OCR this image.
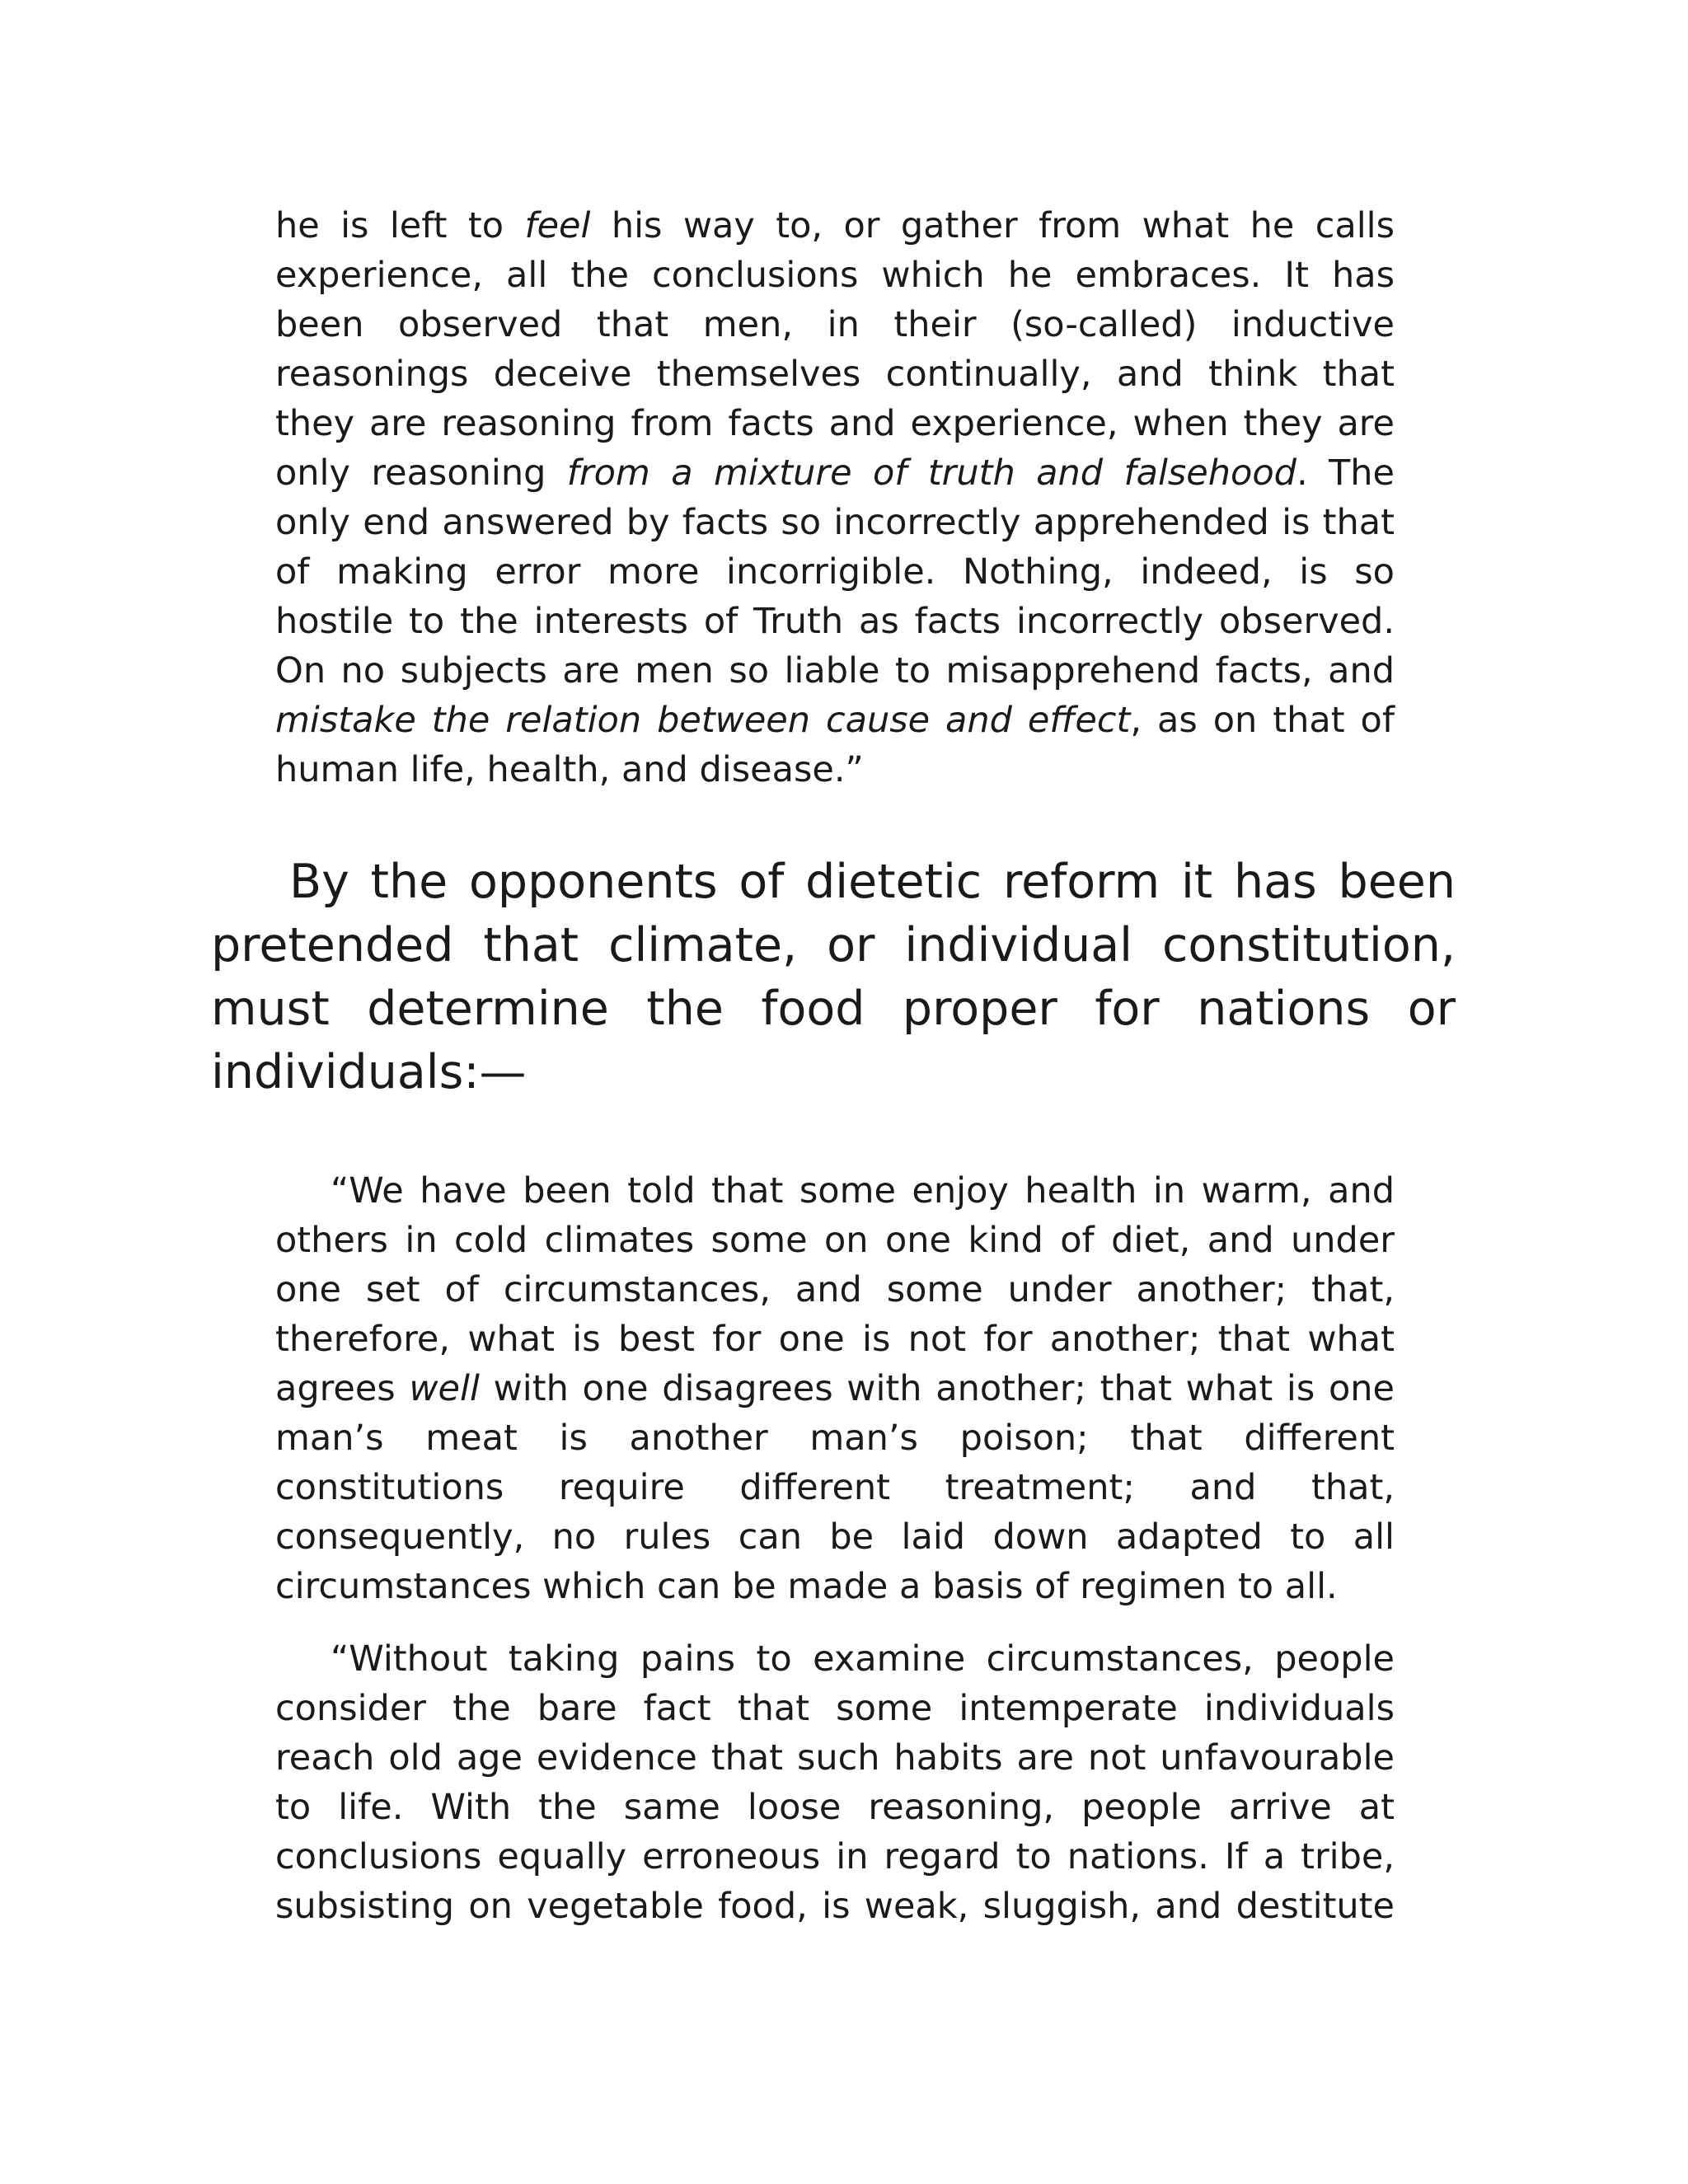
he is left to feel his way to, or gather from what he calls
experience, all the conclusions which he embraces. It has
been observed that men, in their (so-called) inductive
reasonings deceive themselves continually, and think that
they are reasoning from facts and experience, when they are
only reasoning from a mixture of truth and falsehood. The
only end answered by facts so incorrectly apprehended is that
of making error more incorrigible. Nothing, indeed, is so
hostile to the interests of Truth as facts incorrectly observed.
On no subjects are men so liable to misapprehend facts, and
mistake the relation between cause and effect, as on that of
human life, health, and disease.”
By the opponents of dietetic reform it has been
pretended that climate, or individual constitution,
must determine the food proper for nations or
individuals:—
“We have been told that some enjoy health in warm, and
others in cold climates some on one kind of diet, and under
one set of circumstances, and some under another; that,
therefore, what is best for one is not for another; that what
agrees well with one disagrees with another; that what is one
man’s meat is another man’s poison; that different
constitutions require different treatment; and that,
consequently, no rules can be laid down adapted to all
circumstances which can be made a basis of regimen to all.
“Without taking pains to examine circumstances, people
consider the bare fact that some intemperate individuals
reach old age evidence that such habits are not unfavourable
to life. With the same loose reasoning, people arrive at
conclusions equally erroneous in regard to nations. If a tribe,
subsisting on vegetable food, is weak, sluggish, and destitute
